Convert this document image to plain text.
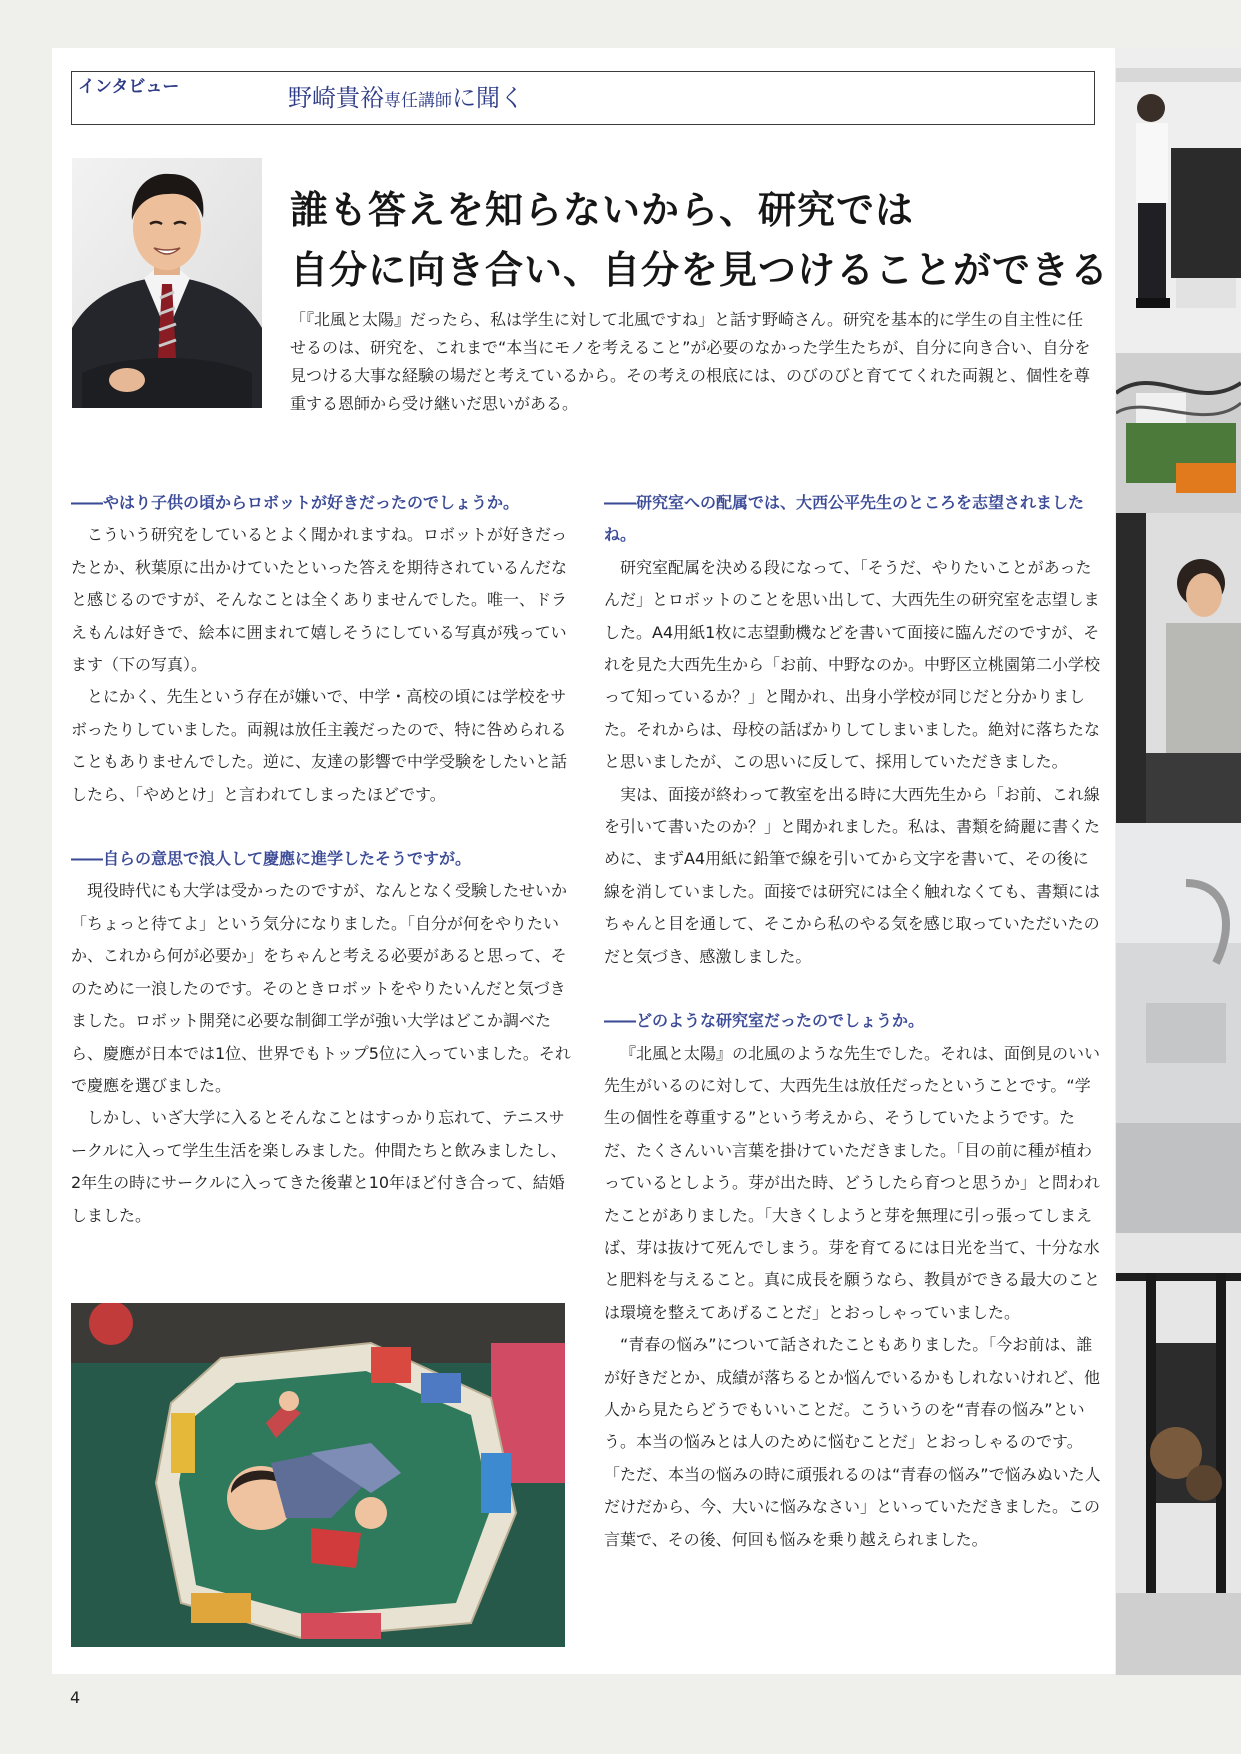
インタビュー	野崎貴裕専任講師に聞く
誰も答えを知らないから、研究では
自分に向き合い、自分を見つけることができる
「『北風と太陽』だったら、私は学生に対して北風ですね」と話す野崎さん。研究を基本的に学生の自主性に任せるのは、研究を、これまで“本当にモノを考えること”が必要のなかった学生たちが、自分に向き合い、自分を見つける大事な経験の場だと考えているから。その考えの根底には、のびのびと育ててくれた両親と、個性を尊重する恩師から受け継いだ思いがある。

――やはり子供の頃からロボットが好きだったのでしょうか。

こういう研究をしているとよく聞かれますね。ロボットが好きだったとか、秋葉原に出かけていたといった答えを期待されているんだなと感じるのですが、そんなことは全くありませんでした。唯一、ドラえもんは好きで、絵本に囲まれて嬉しそうにしている写真が残っています（下の写真）。

とにかく、先生という存在が嫌いで、中学・高校の頃には学校をサボったりしていました。両親は放任主義だったので、特に咎められることもありませんでした。逆に、友達の影響で中学受験をしたいと話したら、「やめとけ」と言われてしまったほどです。

――自らの意思で浪人して慶應に進学したそうですが。

現役時代にも大学は受かったのですが、なんとなく受験したせいか「ちょっと待てよ」という気分になりました。「自分が何をやりたいか、これから何が必要か」をちゃんと考える必要があると思って、そのために一浪したのです。そのときロボットをやりたいんだと気づきました。ロボット開発に必要な制御工学が強い大学はどこか調べたら、慶應が日本では1位、世界でもトップ5位に入っていました。それで慶應を選びました。

しかし、いざ大学に入るとそんなことはすっかり忘れて、テニスサークルに入って学生生活を楽しみました。仲間たちと飲みましたし、2年生の時にサークルに入ってきた後輩と10年ほど付き合って、結婚しました。

――研究室への配属では、大西公平先生のところを志望されましたね。

研究室配属を決める段になって、「そうだ、やりたいことがあったんだ」とロボットのことを思い出して、大西先生の研究室を志望しました。A4用紙1枚に志望動機などを書いて面接に臨んだのですが、それを見た大西先生から「お前、中野なのか。中野区立桃園第二小学校って知っているか？」と聞かれ、出身小学校が同じだと分かりました。それからは、母校の話ばかりしてしまいました。絶対に落ちたなと思いましたが、この思いに反して、採用していただきました。

実は、面接が終わって教室を出る時に大西先生から「お前、これ線を引いて書いたのか？」と聞かれました。私は、書類を綺麗に書くために、まずA4用紙に鉛筆で線を引いてから文字を書いて、その後に線を消していました。面接では研究には全く触れなくても、書類にはちゃんと目を通して、そこから私のやる気を感じ取っていただいたのだと気づき、感激しました。

――どのような研究室だったのでしょうか。

『北風と太陽』の北風のような先生でした。それは、面倒見のいい先生がいるのに対して、大西先生は放任だったということです。“学生の個性を尊重する”という考えから、そうしていたようです。ただ、たくさんいい言葉を掛けていただきました。「目の前に種が植わっているとしよう。芽が出た時、どうしたら育つと思うか」と問われたことがありました。「大きくしようと芽を無理に引っ張ってしまえば、芽は抜けて死んでしまう。芽を育てるには日光を当て、十分な水と肥料を与えること。真に成長を願うなら、教員ができる最大のことは環境を整えてあげることだ」とおっしゃっていました。

“青春の悩み”について話されたこともありました。「今お前は、誰が好きだとか、成績が落ちるとか悩んでいるかもしれないけれど、他人から見たらどうでもいいことだ。こういうのを“青春の悩み”という。本当の悩みとは人のために悩むことだ」とおっしゃるのです。「ただ、本当の悩みの時に頑張れるのは“青春の悩み”で悩みぬいた人だけだから、今、大いに悩みなさい」といっていただきました。この言葉で、その後、何回も悩みを乗り越えられました。

4
